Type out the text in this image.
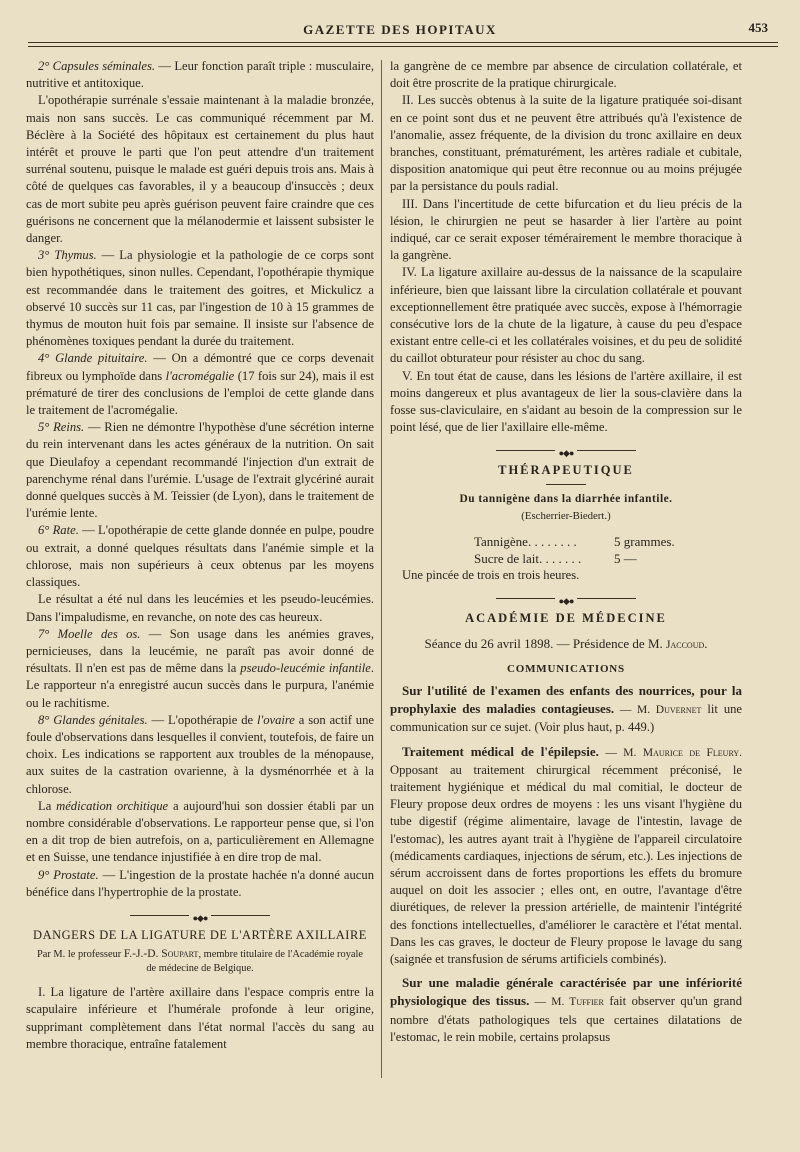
GAZETTE DES HOPITAUX	453

2° Capsules séminales. — Leur fonction paraît triple : musculaire, nutritive et antitoxique.

L'opothérapie surrénale s'essaie maintenant à la maladie bronzée, mais non sans succès. Le cas communiqué récemment par M. Béclère à la Société des hôpitaux est certainement du plus haut intérêt et prouve le parti que l'on peut attendre d'un traitement surrénal soutenu, puisque le malade est guéri depuis trois ans. Mais à côté de quelques cas favorables, il y a beaucoup d'insuccès ; deux cas de mort subite peu après guérison peuvent faire craindre que ces guérisons ne concernent que la mélanodermie et laissent subsister le danger.

3° Thymus. — La physiologie et la pathologie de ce corps sont bien hypothétiques, sinon nulles. Cependant, l'opothérapie thymique est recommandée dans le traitement des goitres, et Mickulicz a observé 10 succès sur 11 cas, par l'ingestion de 10 à 15 grammes de thymus de mouton huit fois par semaine. Il insiste sur l'absence de phénomènes toxiques pendant la durée du traitement.

4° Glande pituitaire. — On a démontré que ce corps devenait fibreux ou lymphoïde dans l'acromégalie (17 fois sur 24), mais il est prématuré de tirer des conclusions de l'emploi de cette glande dans le traitement de l'acromégalie.

5° Reins. — Rien ne démontre l'hypothèse d'une sécrétion interne du rein intervenant dans les actes généraux de la nutrition. On sait que Dieulafoy a cependant recommandé l'injection d'un extrait de parenchyme rénal dans l'urémie. L'usage de l'extrait glycériné aurait donné quelques succès à M. Teissier (de Lyon), dans le traitement de l'urémie lente.

6° Rate. — L'opothérapie de cette glande donnée en pulpe, poudre ou extrait, a donné quelques résultats dans l'anémie simple et la chlorose, mais non supérieurs à ceux obtenus par les moyens classiques.

Le résultat a été nul dans les leucémies et les pseudo-leucémies. Dans l'impaludisme, en revanche, on note des cas heureux.

7° Moelle des os. — Son usage dans les anémies graves, pernicieuses, dans la leucémie, ne paraît pas avoir donné de résultats. Il n'en est pas de même dans la pseudo-leucémie infantile. Le rapporteur n'a enregistré aucun succès dans le purpura, l'anémie ou le rachitisme.

8° Glandes génitales. — L'opothérapie de l'ovaire a son actif une foule d'observations dans lesquelles il convient, toutefois, de faire un choix. Les indications se rapportent aux troubles de la ménopause, aux suites de la castration ovarienne, à la dysménorrhée et à la chlorose.

La médication orchitique a aujourd'hui son dossier établi par un nombre considérable d'observations. Le rapporteur pense que, si l'on en a dit trop de bien autrefois, on a, particulièrement en Allemagne et en Suisse, une tendance injustifiée à en dire trop de mal.

9° Prostate. — L'ingestion de la prostate hachée n'a donné aucun bénéfice dans l'hypertrophie de la prostate.

●◆●
DANGERS DE LA LIGATURE DE L'ARTÈRE AXILLAIRE
Par M. le professeur F.-J.-D. Soupart, membre titulaire de l'Académie royale de médecine de Belgique.

I. La ligature de l'artère axillaire dans l'espace compris entre la scapulaire inférieure et l'humérale profonde à leur origine, supprimant complètement dans l'état normal l'accès du sang au membre thoracique, entraîne fatalement

la gangrène de ce membre par absence de circulation collatérale, et doit être proscrite de la pratique chirurgicale.

II. Les succès obtenus à la suite de la ligature pratiquée soi-disant en ce point sont dus et ne peuvent être attribués qu'à l'existence de l'anomalie, assez fréquente, de la division du tronc axillaire en deux branches, constituant, prématurément, les artères radiale et cubitale, disposition anatomique qui peut être reconnue ou au moins préjugée par la persistance du pouls radial.

III. Dans l'incertitude de cette bifurcation et du lieu précis de la lésion, le chirurgien ne peut se hasarder à lier l'artère au point indiqué, car ce serait exposer témérairement le membre thoracique à la gangrène.

IV. La ligature axillaire au-dessus de la naissance de la scapulaire inférieure, bien que laissant libre la circulation collatérale et pouvant exceptionnellement être pratiquée avec succès, expose à l'hémorragie consécutive lors de la chute de la ligature, à cause du peu d'espace existant entre celle-ci et les collatérales voisines, et du peu de solidité du caillot obturateur pour résister au choc du sang.

V. En tout état de cause, dans les lésions de l'artère axillaire, il est moins dangereux et plus avantageux de lier la sous-clavière dans la fosse sus-claviculaire, en s'aidant au besoin de la compression sur le point lésé, que de lier l'axillaire elle-même.

●◆●
THÉRAPEUTIQUE
Du tannigène dans la diarrhée infantile.
(Escherrier-Biedert.)
Tannigène. . . . . . . .	5 grammes.
Sucre de lait. . . . . . .	5 —

Une pincée de trois en trois heures.

●◆●
ACADÉMIE DE MÉDECINE
Séance du 26 avril 1898. — Présidence de M. Jaccoud.
COMMUNICATIONS

Sur l'utilité de l'examen des enfants des nourrices, pour la prophylaxie des maladies contagieuses. — M. Duvernet lit une communication sur ce sujet. (Voir plus haut, p. 449.)

Traitement médical de l'épilepsie. — M. Maurice de Fleury. Opposant au traitement chirurgical récemment préconisé, le traitement hygiénique et médical du mal comitial, le docteur de Fleury propose deux ordres de moyens : les uns visant l'hygiène du tube digestif (régime alimentaire, lavage de l'intestin, lavage de l'estomac), les autres ayant trait à l'hygiène de l'appareil circulatoire (médicaments cardiaques, injections de sérum, etc.). Les injections de sérum accroissent dans de fortes proportions les effets du bromure auquel on doit les associer ; elles ont, en outre, l'avantage d'être diurétiques, de relever la pression artérielle, de maintenir l'intégrité des fonctions intellectuelles, d'améliorer le caractère et l'état mental. Dans les cas graves, le docteur de Fleury propose le lavage du sang (saignée et transfusion de sérums artificiels combinés).

Sur une maladie générale caractérisée par une infériorité physiologique des tissus. — M. Tuffier fait observer qu'un grand nombre d'états pathologiques tels que certaines dilatations de l'estomac, le rein mobile, certains prolapsus
